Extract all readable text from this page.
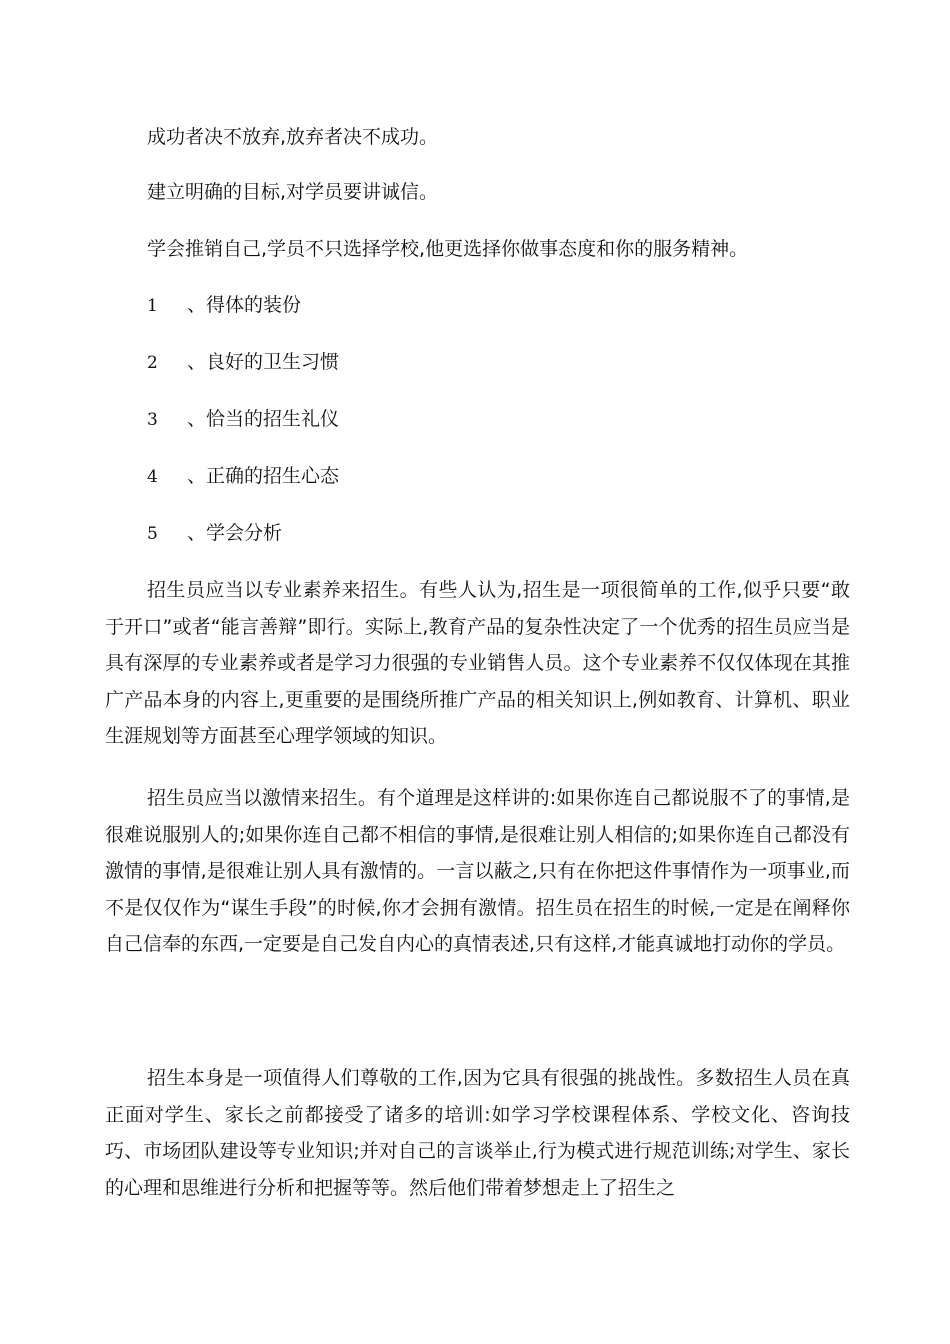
成功者决不放弃,放弃者决不成功。

建立明确的目标,对学员要讲诚信。

学会推销自己,学员不只选择学校,他更选择你做事态度和你的服务精神。

1 、得体的装份
2 、良好的卫生习惯
3 、恰当的招生礼仪
4 、正确的招生心态
5 、学会分析

招生员应当以专业素养来招生。有些人认为,招生是一项很简单的工作,似乎只要“敢于开口”或者“能言善辩”即行。实际上,教育产品的复杂性决定了一个优秀的招生员应当是具有深厚的专业素养或者是学习力很强的专业销售人员。这个专业素养不仅仅体现在其推广产品本身的内容上,更重要的是围绕所推广产品的相关知识上,例如教育、计算机、职业生涯规划等方面甚至心理学领域的知识。

招生员应当以激情来招生。有个道理是这样讲的:如果你连自己都说服不了的事情,是很难说服别人的;如果你连自己都不相信的事情,是很难让别人相信的;如果你连自己都没有激情的事情,是很难让别人具有激情的。一言以蔽之,只有在你把这件事情作为一项事业,而不是仅仅作为“谋生手段”的时候,你才会拥有激情。招生员在招生的时候,一定是在阐释你自己信奉的东西,一定要是自己发自内心的真情表述,只有这样,才能真诚地打动你的学员。

招生本身是一项值得人们尊敬的工作,因为它具有很强的挑战性。多数招生人员在真正面对学生、家长之前都接受了诸多的培训:如学习学校课程体系、学校文化、咨询技巧、市场团队建设等专业知识;并对自己的言谈举止,行为模式进行规范训练;对学生、家长的心理和思维进行分析和把握等等。然后他们带着梦想走上了招生之
